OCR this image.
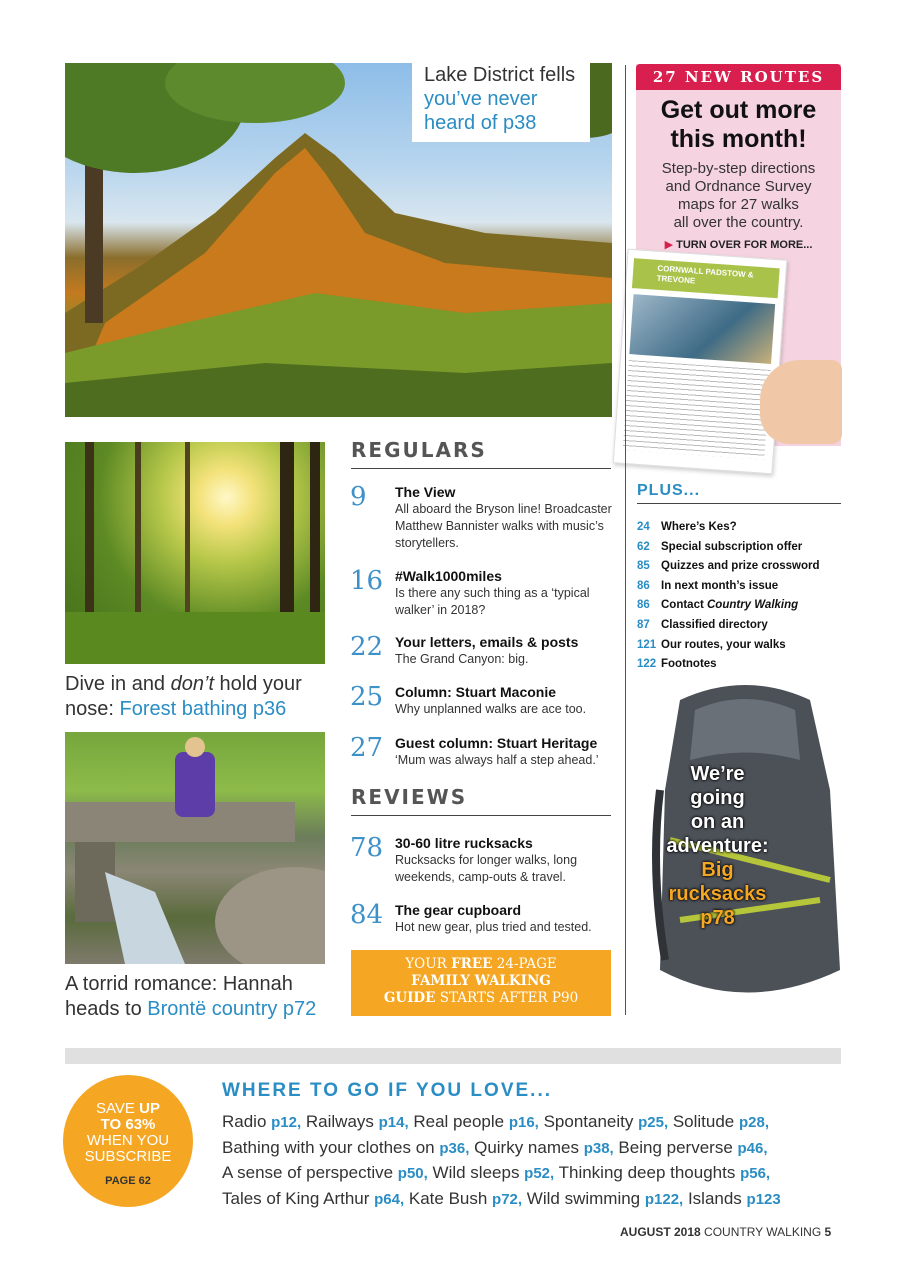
Lake District fells
you’ve never
heard of p38
27 NEW ROUTES
Get out more
this month!
Step-by-step directions
and Ordnance Survey
maps for 27 walks
all over the country.
▶ TURN OVER FOR MORE...
CORNWALL PADSTOW & TREVONE
Dive in and don’t hold your
nose: Forest bathing p36
A torrid romance: Hannah
heads to Brontë country p72
REGULARS
9	The View
All aboard the Bryson line! Broadcaster Matthew Bannister walks with music’s storytellers.
16 #Walk1000miles
Is there any such thing as a ‘typical walker’ in 2018?
22 Your letters, emails & posts
The Grand Canyon: big.
25 Column: Stuart Maconie
Why unplanned walks are ace too.
27 Guest column: Stuart Heritage
‘Mum was always half a step ahead.’
REVIEWS
78 30-60 litre rucksacks
Rucksacks for longer walks, long weekends, camp-outs & travel.
84 The gear cupboard
Hot new gear, plus tried and tested.
YOUR FREE 24-PAGE
FAMILY WALKING
GUIDE STARTS AFTER P90
PLUS...
24 Where’s Kes?
62 Special subscription offer
85 Quizzes and prize crossword
86 In next month’s issue
86 Contact Country Walking
87 Classified directory
121 Our routes, your walks
122 Footnotes
We’re
going
on an
adventure:
Big
rucksacks
p78
SAVE UP
TO 63%
WHEN YOU
SUBSCRIBE
PAGE 62
WHERE TO GO IF YOU LOVE...
Radio p12, Railways p14, Real people p16, Spontaneity p25, Solitude p28,
Bathing with your clothes on p36, Quirky names p38, Being perverse p46,
A sense of perspective p50, Wild sleeps p52, Thinking deep thoughts p56,
Tales of King Arthur p64, Kate Bush p72, Wild swimming p122, Islands p123
AUGUST 2018 COUNTRY WALKING 5
